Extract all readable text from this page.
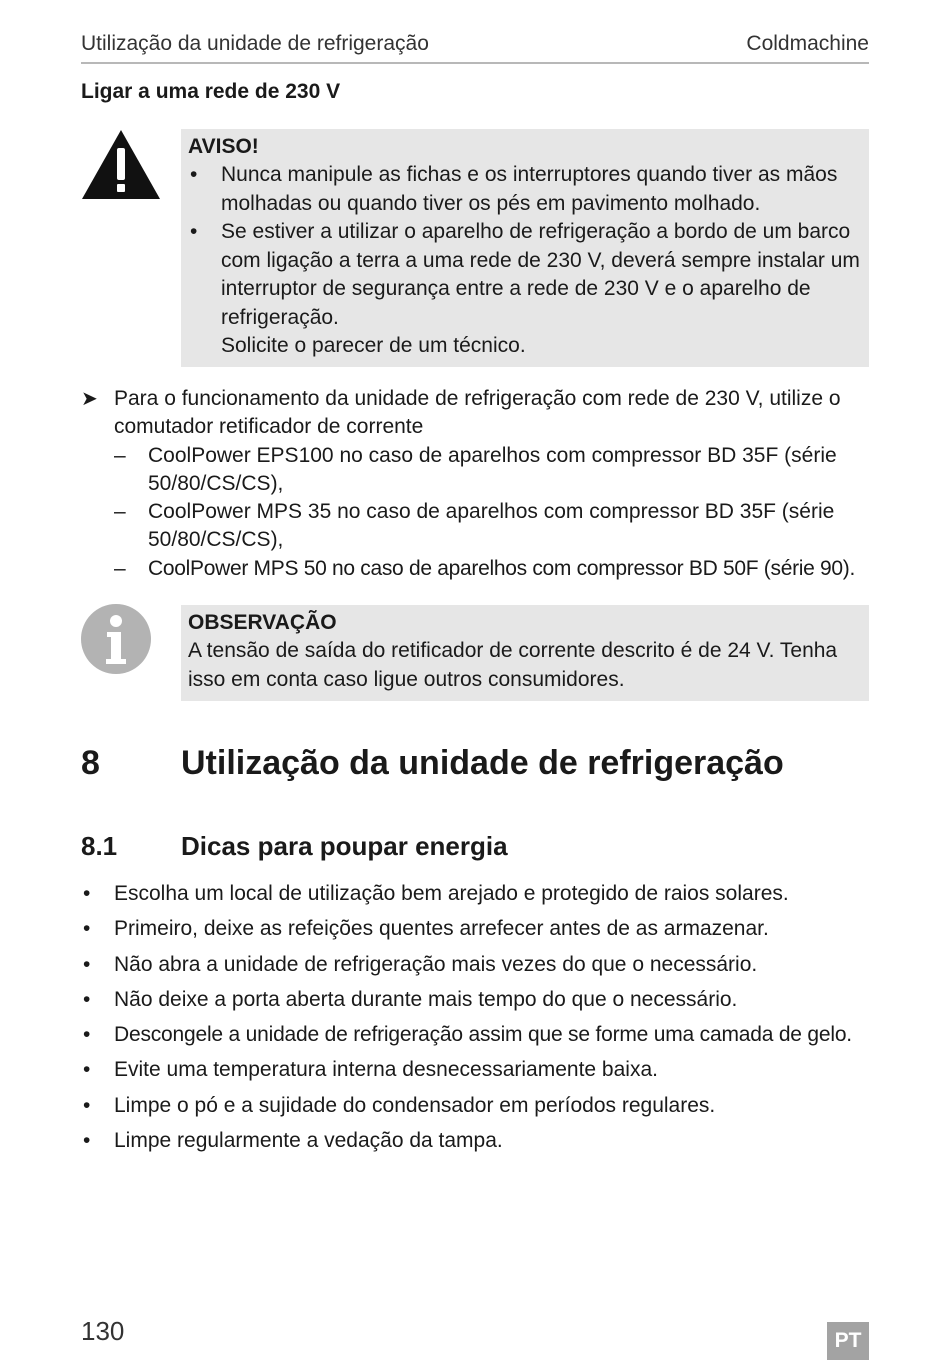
Utilização da unidade de refrigeração	Coldmachine
Ligar a uma rede de 230 V
AVISO!
• Nunca manipule as fichas e os interruptores quando tiver as mãos molhadas ou quando tiver os pés em pavimento molhado.
• Se estiver a utilizar o aparelho de refrigeração a bordo de um barco com ligação a terra a uma rede de 230 V, deverá sempre instalar um interruptor de segurança entre a rede de 230 V e o aparelho de refrigeração.
Solicite o parecer de um técnico.
➤ Para o funcionamento da unidade de refrigeração com rede de 230 V, utilize o comutador retificador de corrente
– CoolPower EPS100 no caso de aparelhos com compressor BD 35F (série 50/80/CS/CS),
– CoolPower MPS 35 no caso de aparelhos com compressor BD 35F (série 50/80/CS/CS),
– CoolPower MPS 50 no caso de aparelhos com compressor BD 50F (série 90).
OBSERVAÇÃO
A tensão de saída do retificador de corrente descrito é de 24 V. Tenha isso em conta caso ligue outros consumidores.
8 Utilização da unidade de refrigeração
8.1 Dicas para poupar energia
• Escolha um local de utilização bem arejado e protegido de raios solares.
• Primeiro, deixe as refeições quentes arrefecer antes de as armazenar.
• Não abra a unidade de refrigeração mais vezes do que o necessário.
• Não deixe a porta aberta durante mais tempo do que o necessário.
• Descongele a unidade de refrigeração assim que se forme uma camada de gelo.
• Evite uma temperatura interna desnecessariamente baixa.
• Limpe o pó e a sujidade do condensador em períodos regulares.
• Limpe regularmente a vedação da tampa.
130	PT
